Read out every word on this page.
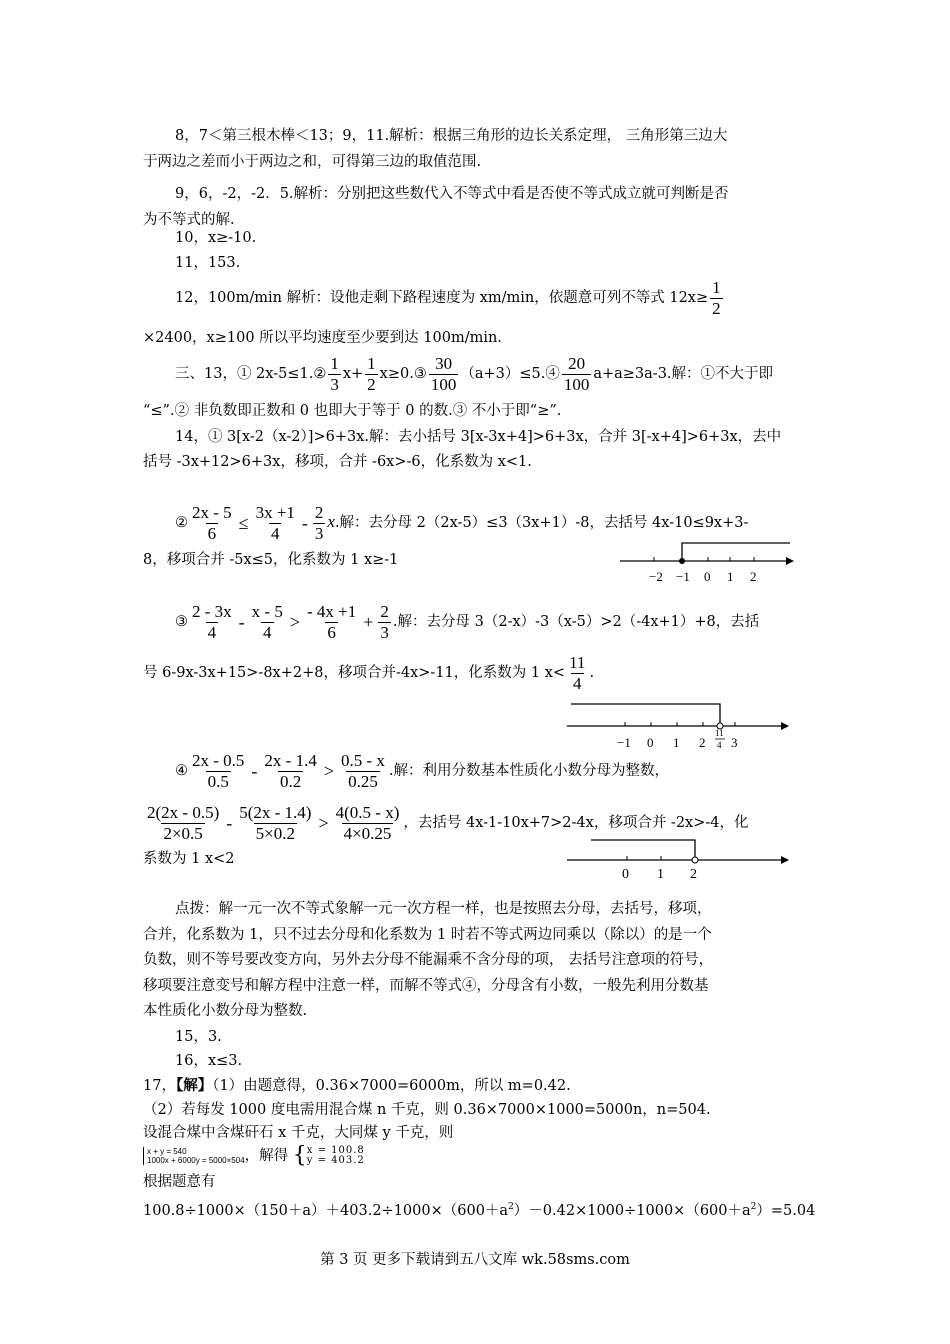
8，7＜第三根木棒＜13；9，11.解析：根据三角形的边长关系定理， 三角形第三边大
于两边之差而小于两边之和，可得第三边的取值范围.
9，6，-2，-2．5.解析：分别把这些数代入不等式中看是否使不等式成立就可判断是否
为不等式的解.
10，x≥-10.
11，153.
12，100m/min 解析：设他走剩下路程速度为 xm/min，依题意可列不等式 $12x\ge \frac{1}{2}$
×2400，x≥100 所以平均速度至少要到达 100m/min.
三、13，① 2x-5≤1.② $\frac{1}{3} x+ \frac{1}{2}$ x≥0.③ $\frac{30}{100}$ （a+3）≤5.④ $\frac{20}{100} a+a\ge 3a-3$.解：①不大于即
“≤”.② 非负数即正数和 0 也即大于等于 0 的数.③ 不小于即“≥”.
14，① 3[x-2（x-2）]>6+3x.解：去小括号 3[x-3x+4]>6+3x，合并 3[-x+4]>6+3x，去中
括号 -3x+12>6+3x，移项，合并 -6x>-6，化系数为 x<1.
② $\frac{2x - 5}{6} \le \frac{3x +1}{4} - \frac{2}{3} x$.解：去分母 2（2x-5）≤3（3x+1）-8，去括号 4x-10≤9x+3-
8，移项合并 -5x≤5，化系数为 1 x≥-1
−2 −1 0 1 2
③ $\frac{2 - 3x}{4} - \frac{x - 5}{4} > \frac{- 4x +1}{6} + \frac{2}{3}$ .解：去分母 3（2-x）-3（x-5）>2（-4x+1）+8，去括
号 6-9x-3x+15>-8x+2+8，移项合并-4x>-11，化系数为 1 $x< \frac{11}{4}$ .
−1 0 1 2 3
11
4
④ $\frac{2x - 0.5}{0.5} - \frac{2x - 1.4}{0.2} > \frac{0.5 - x}{0.25}$ .解：利用分数基本性质化小数分母为整数，
$\frac{2(2x - 0.5)}{2\times 0.5} - \frac{5(2x - 1.4)}{5\times 0.2} > \frac{4(0.5 - x)}{4\times 0.25}$ ，去括号 4x-1-10x+7>2-4x，移项合并 -2x>-4，化
系数为 1 x<2
0 1 2
点拨：解一元一次不等式象解一元一次方程一样，也是按照去分母，去括号，移项，
合并，化系数为 1，只不过去分母和化系数为 1 时若不等式两边同乘以（除以）的是一个
负数，则不等号要改变方向，另外去分母不能漏乘不含分母的项， 去括号注意项的符号，
移项要注意变号和解方程中注意一样，而解不等式④，分母含有小数，一般先利用分数基
本性质化小数分母为整数.
15，3.
16，x≤3.
17，【解】（1）由题意得，0.36×7000=6000m，所以 m=0.42.
（2）若每发 1000 度电需用混合煤 n 千克，则 0.36×7000×1000=5000n，n=504.
设混合煤中含煤矸石 x 千克，大同煤 y 千克，则
x + y = 540
1000x + 6000y = 5000×504 ，解得 { x = 100.8
y = 403.2
根据题意有
$100.8\div 1000\times(150+a)+403.2\div 1000\times(600+a^2)-0.42\times 1000\div 1000\times(600+a^2)=5.04$
第 3 页 更多下载请到五八文库 wk.58sms.com
